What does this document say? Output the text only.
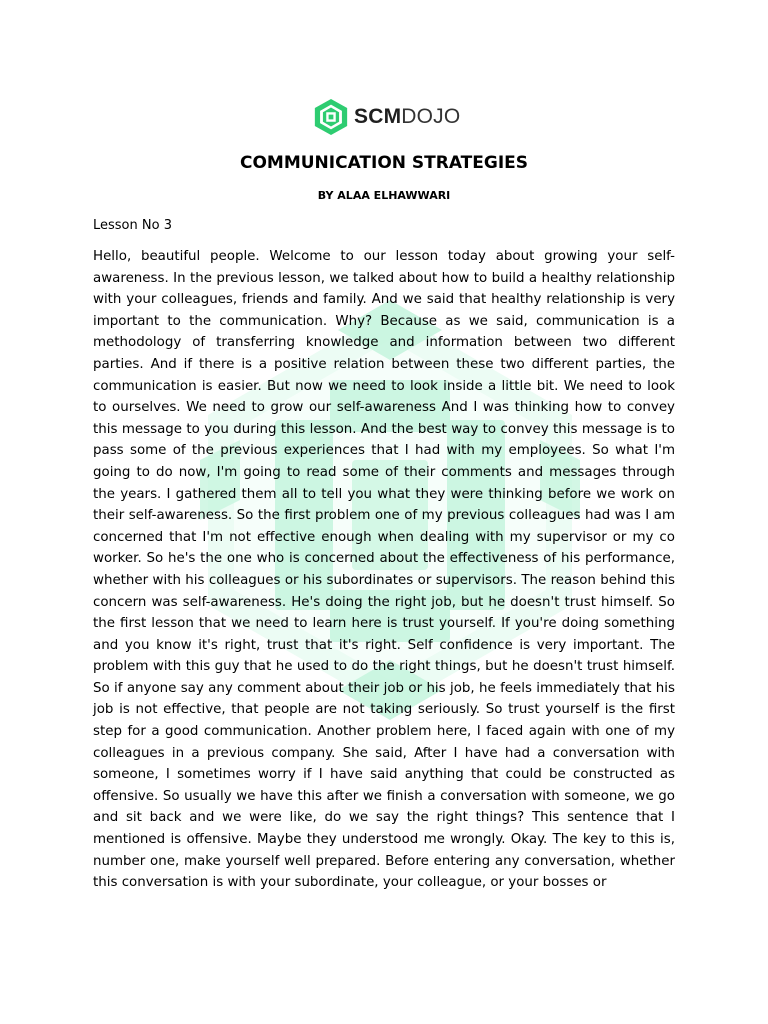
SCMDOJO
COMMUNICATION STRATEGIES
BY ALAA ELHAWWARI
Lesson No 3

Hello, beautiful people. Welcome to our lesson today about growing your self-awareness. In the previous lesson, we talked about how to build a healthy relationship with your colleagues, friends and family. And we said that healthy relationship is very important to the communication. Why? Because as we said, communication is a methodology of transferring knowledge and information between two different parties. And if there is a positive relation between these two different parties, the communication is easier. But now we need to look inside a little bit. We need to look to ourselves. We need to grow our self-awareness And I was thinking how to convey this message to you during this lesson. And the best way to convey this message is to pass some of the previous experiences that I had with my employees. So what I'm going to do now, I'm going to read some of their comments and messages through the years. I gathered them all to tell you what they were thinking before we work on their self-awareness. So the first problem one of my previous colleagues had was I am concerned that I'm not effective enough when dealing with my supervisor or my co worker. So he's the one who is concerned about the effectiveness of his performance, whether with his colleagues or his subordinates or supervisors. The reason behind this concern was self-awareness. He's doing the right job, but he doesn't trust himself. So the first lesson that we need to learn here is trust yourself. If you're doing something and you know it's right, trust that it's right. Self confidence is very important. The problem with this guy that he used to do the right things, but he doesn't trust himself. So if anyone say any comment about their job or his job, he feels immediately that his job is not effective, that people are not taking seriously. So trust yourself is the first step for a good communication. Another problem here, I faced again with one of my colleagues in a previous company. She said, After I have had a conversation with someone, I sometimes worry if I have said anything that could be constructed as offensive. So usually we have this after we finish a conversation with someone, we go and sit back and we were like, do we say the right things? This sentence that I mentioned is offensive. Maybe they understood me wrongly. Okay. The key to this is, number one, make yourself well prepared. Before entering any conversation, whether this conversation is with your subordinate, your colleague, or your bosses or
